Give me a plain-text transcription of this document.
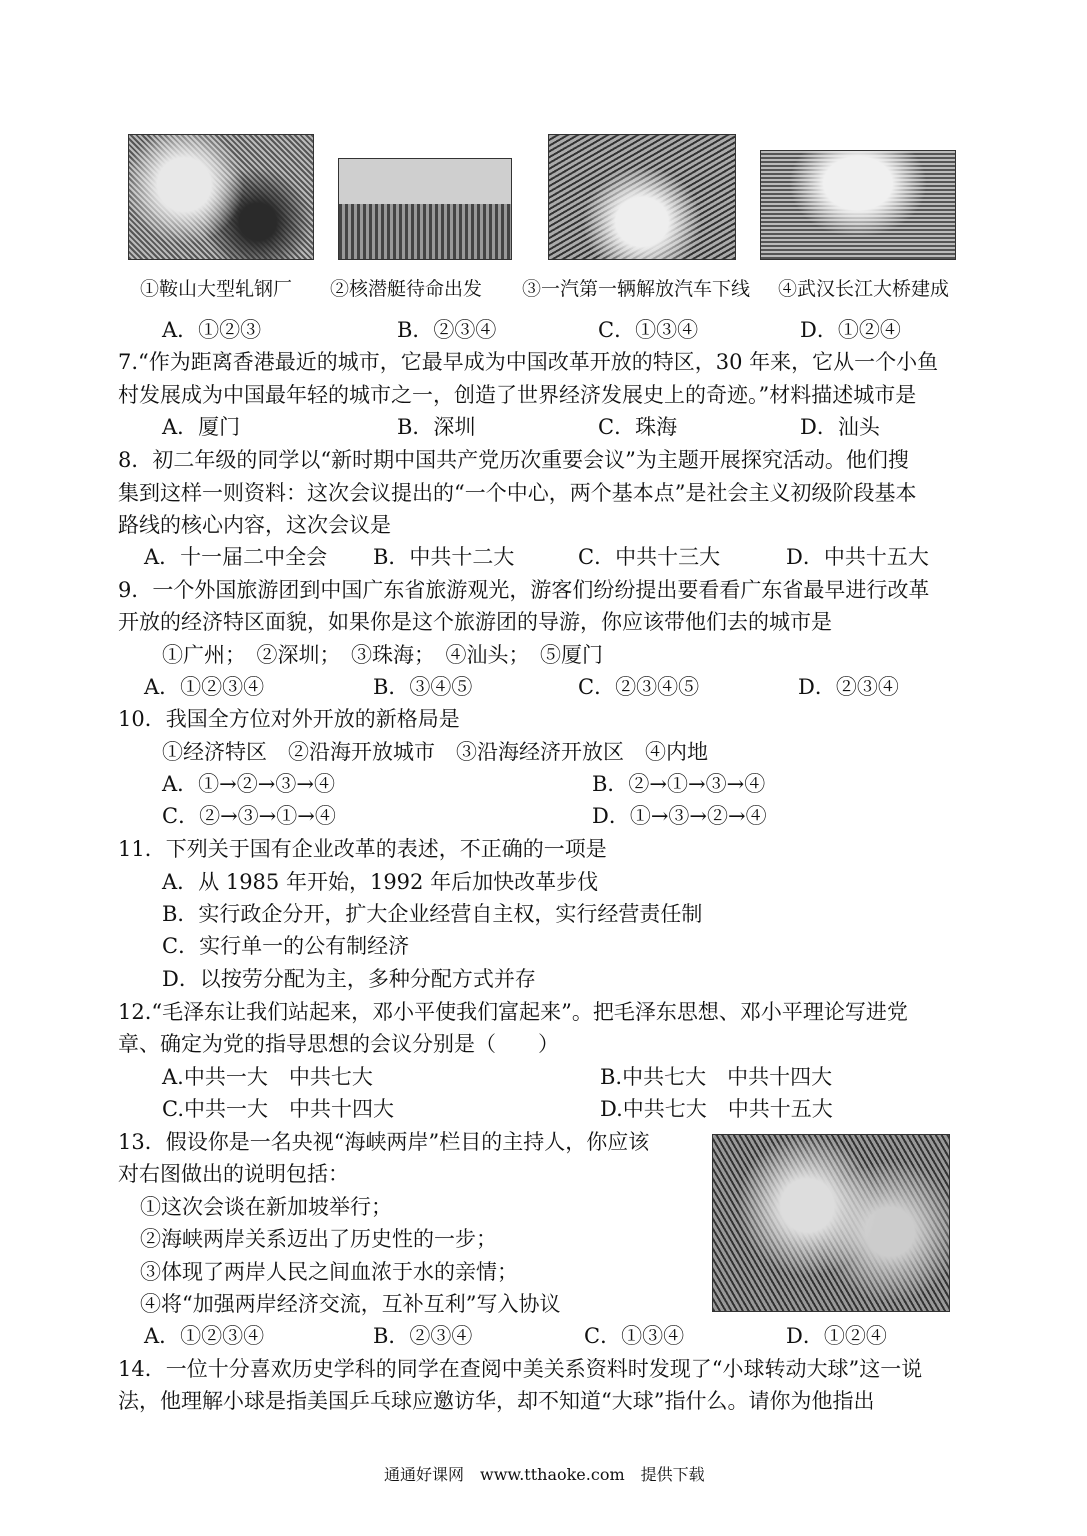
①鞍山大型轧钢厂 ②核潜艇待命出发 ③一汽第一辆解放汽车下线 ④武汉长江大桥建成
A．①②③	B．②③④	C．①③④	D．①②④
7.“作为距离香港最近的城市，它最早成为中国改革开放的特区，30 年来，它从一个小鱼
村发展成为中国最年轻的城市之一，创造了世界经济发展史上的奇迹。”材料描述城市是
A．厦门	B．深圳	C．珠海	D．汕头
8．初二年级的同学以“新时期中国共产党历次重要会议”为主题开展探究活动。他们搜
集到这样一则资料：这次会议提出的“一个中心，两个基本点”是社会主义初级阶段基本
路线的核心内容，这次会议是
A．十一届二中全会 B．中共十二大	C．中共十三大	D．中共十五大
9．一个外国旅游团到中国广东省旅游观光，游客们纷纷提出要看看广东省最早进行改革
开放的经济特区面貌，如果你是这个旅游团的导游，你应该带他们去的城市是
①广州；　②深圳；　③珠海；　④汕头；　⑤厦门
A．①②③④	B．③④⑤	C．②③④⑤	D．②③④
10．我国全方位对外开放的新格局是
①经济特区　②沿海开放城市　③沿海经济开放区　④内地
A．①→②→③→④	B．②→①→③→④
C．②→③→①→④	D．①→③→②→④
11．下列关于国有企业改革的表述，不正确的一项是
A．从 1985 年开始，1992 年后加快改革步伐
B．实行政企分开，扩大企业经营自主权，实行经营责任制
C．实行单一的公有制经济
D．以按劳分配为主，多种分配方式并存
12.“毛泽东让我们站起来，邓小平使我们富起来”。把毛泽东思想、邓小平理论写进党
章、确定为党的指导思想的会议分别是（　　）
A.中共一大　中共七大	B.中共七大　中共十四大
C.中共一大　中共十四大	D.中共七大　中共十五大
13．假设你是一名央视“海峡两岸”栏目的主持人，你应该
对右图做出的说明包括：
①这次会谈在新加坡举行；
②海峡两岸关系迈出了历史性的一步；
③体现了两岸人民之间血浓于水的亲情；
④将“加强两岸经济交流，互补互利”写入协议
A．①②③④	B．②③④	C．①③④	D．①②④
14．一位十分喜欢历史学科的同学在查阅中美关系资料时发现了“小球转动大球”这一说
法，他理解小球是指美国乒乓球应邀访华，却不知道“大球”指什么。请你为他指出
通通好课网　www.tthaoke.com　提供下载
